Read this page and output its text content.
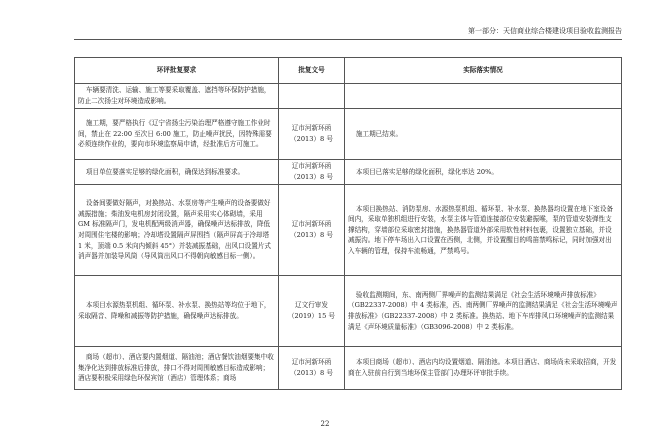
第一部分：天信商业综合楼建设项目验收监测报告
环评批复要求	批复文号	实际落实情况
车辆要清洗、运输、施工等要采取覆盖、遮挡等环保防护措施，防止二次扬尘对环境造成影响。		
施工期，要严格执行《辽宁省扬尘污染治理严格遵守施工作业时间，禁止在 22:00 至次日 6:00 施工，防止噪声扰民，因特殊需要必须连续作业的，要向市环境监察局申请，经批准后方可施工。	辽市河新环函（2013）8 号	施工期已结束。
项目单位要落实足够的绿化面积，确保达到标准要求。	辽市河新环函（2013）8 号	本项目已落实足够的绿化面积，绿化率达 20%。
设备间要做好隔声，对换热站、水泵房等产生噪声的设备要做好减振措施；柴油发电机房封闭设置，隔声采用实心体砌墙，采用 GM 标准隔声门，发电机配两级消声器，确保噪声达标排放，降低对周围住宅楼的影响；冷却塔设置隔声屏围挡（隔声屏高于冷却塔 1 米，顶端 0.5 米向内倾斜 45°）并装减振基础，出风口设置片式消声器并加装导风筒（导风筒出风口不得朝向敏感目标一侧）。	辽市河新环函（2013）8 号	本项目换热站、消防泵房、水源热泵机组、循环泵、补水泵、换热器均设置在地下室设备间内，采取单独机组进行安装，水泵主体与管道连接部位安装避振喉，泵的管道安装弹性支撑结构，穿墙部位采取密封措施，换热器管道外部采用软性材料包裹，设置独立基础，并设减振沟。地下停车场出入口设置在西侧，北侧，并设置醒目的鸣笛禁鸣标记，同时加强对出入车辆的管理，保持车流畅通，严禁鸣号。
本项目水源热泵机组、循环泵、补水泵、换热站等均位于地下，采取隔音、降噪和减振等防护措施，确保噪声达标排放。	辽文行审发（2019）15 号	验收监测期间，东、南两侧厂界噪声的监测结果满足《社会生活环境噪声排放标准》（GB22337-2008）中 4 类标准，西、南两侧厂界噪声的监测结果满足《社会生活环境噪声排放标准》（GB22337-2008）中 2 类标准。换热站、地下车库排风口环境噪声的监测结果满足《声环境质量标准》（GB3096-2008）中 2 类标准。
商场（超市）、酒店要内置烟道、隔油池；酒店餐饮油烟要集中收集净化达到排放标准后排放，排口不得对周围敏感目标造成影响；酒店要积极采用绿色环保宾馆（酒店）管理体系；商场	辽市河新环函（2013）8 号	本项目商场（超市）、酒店内均设置烟道、隔油池。本项目酒店、商场尚未采取招商，开发商在入驻前自行到当地环保主管部门办理环评审批手续。
22
